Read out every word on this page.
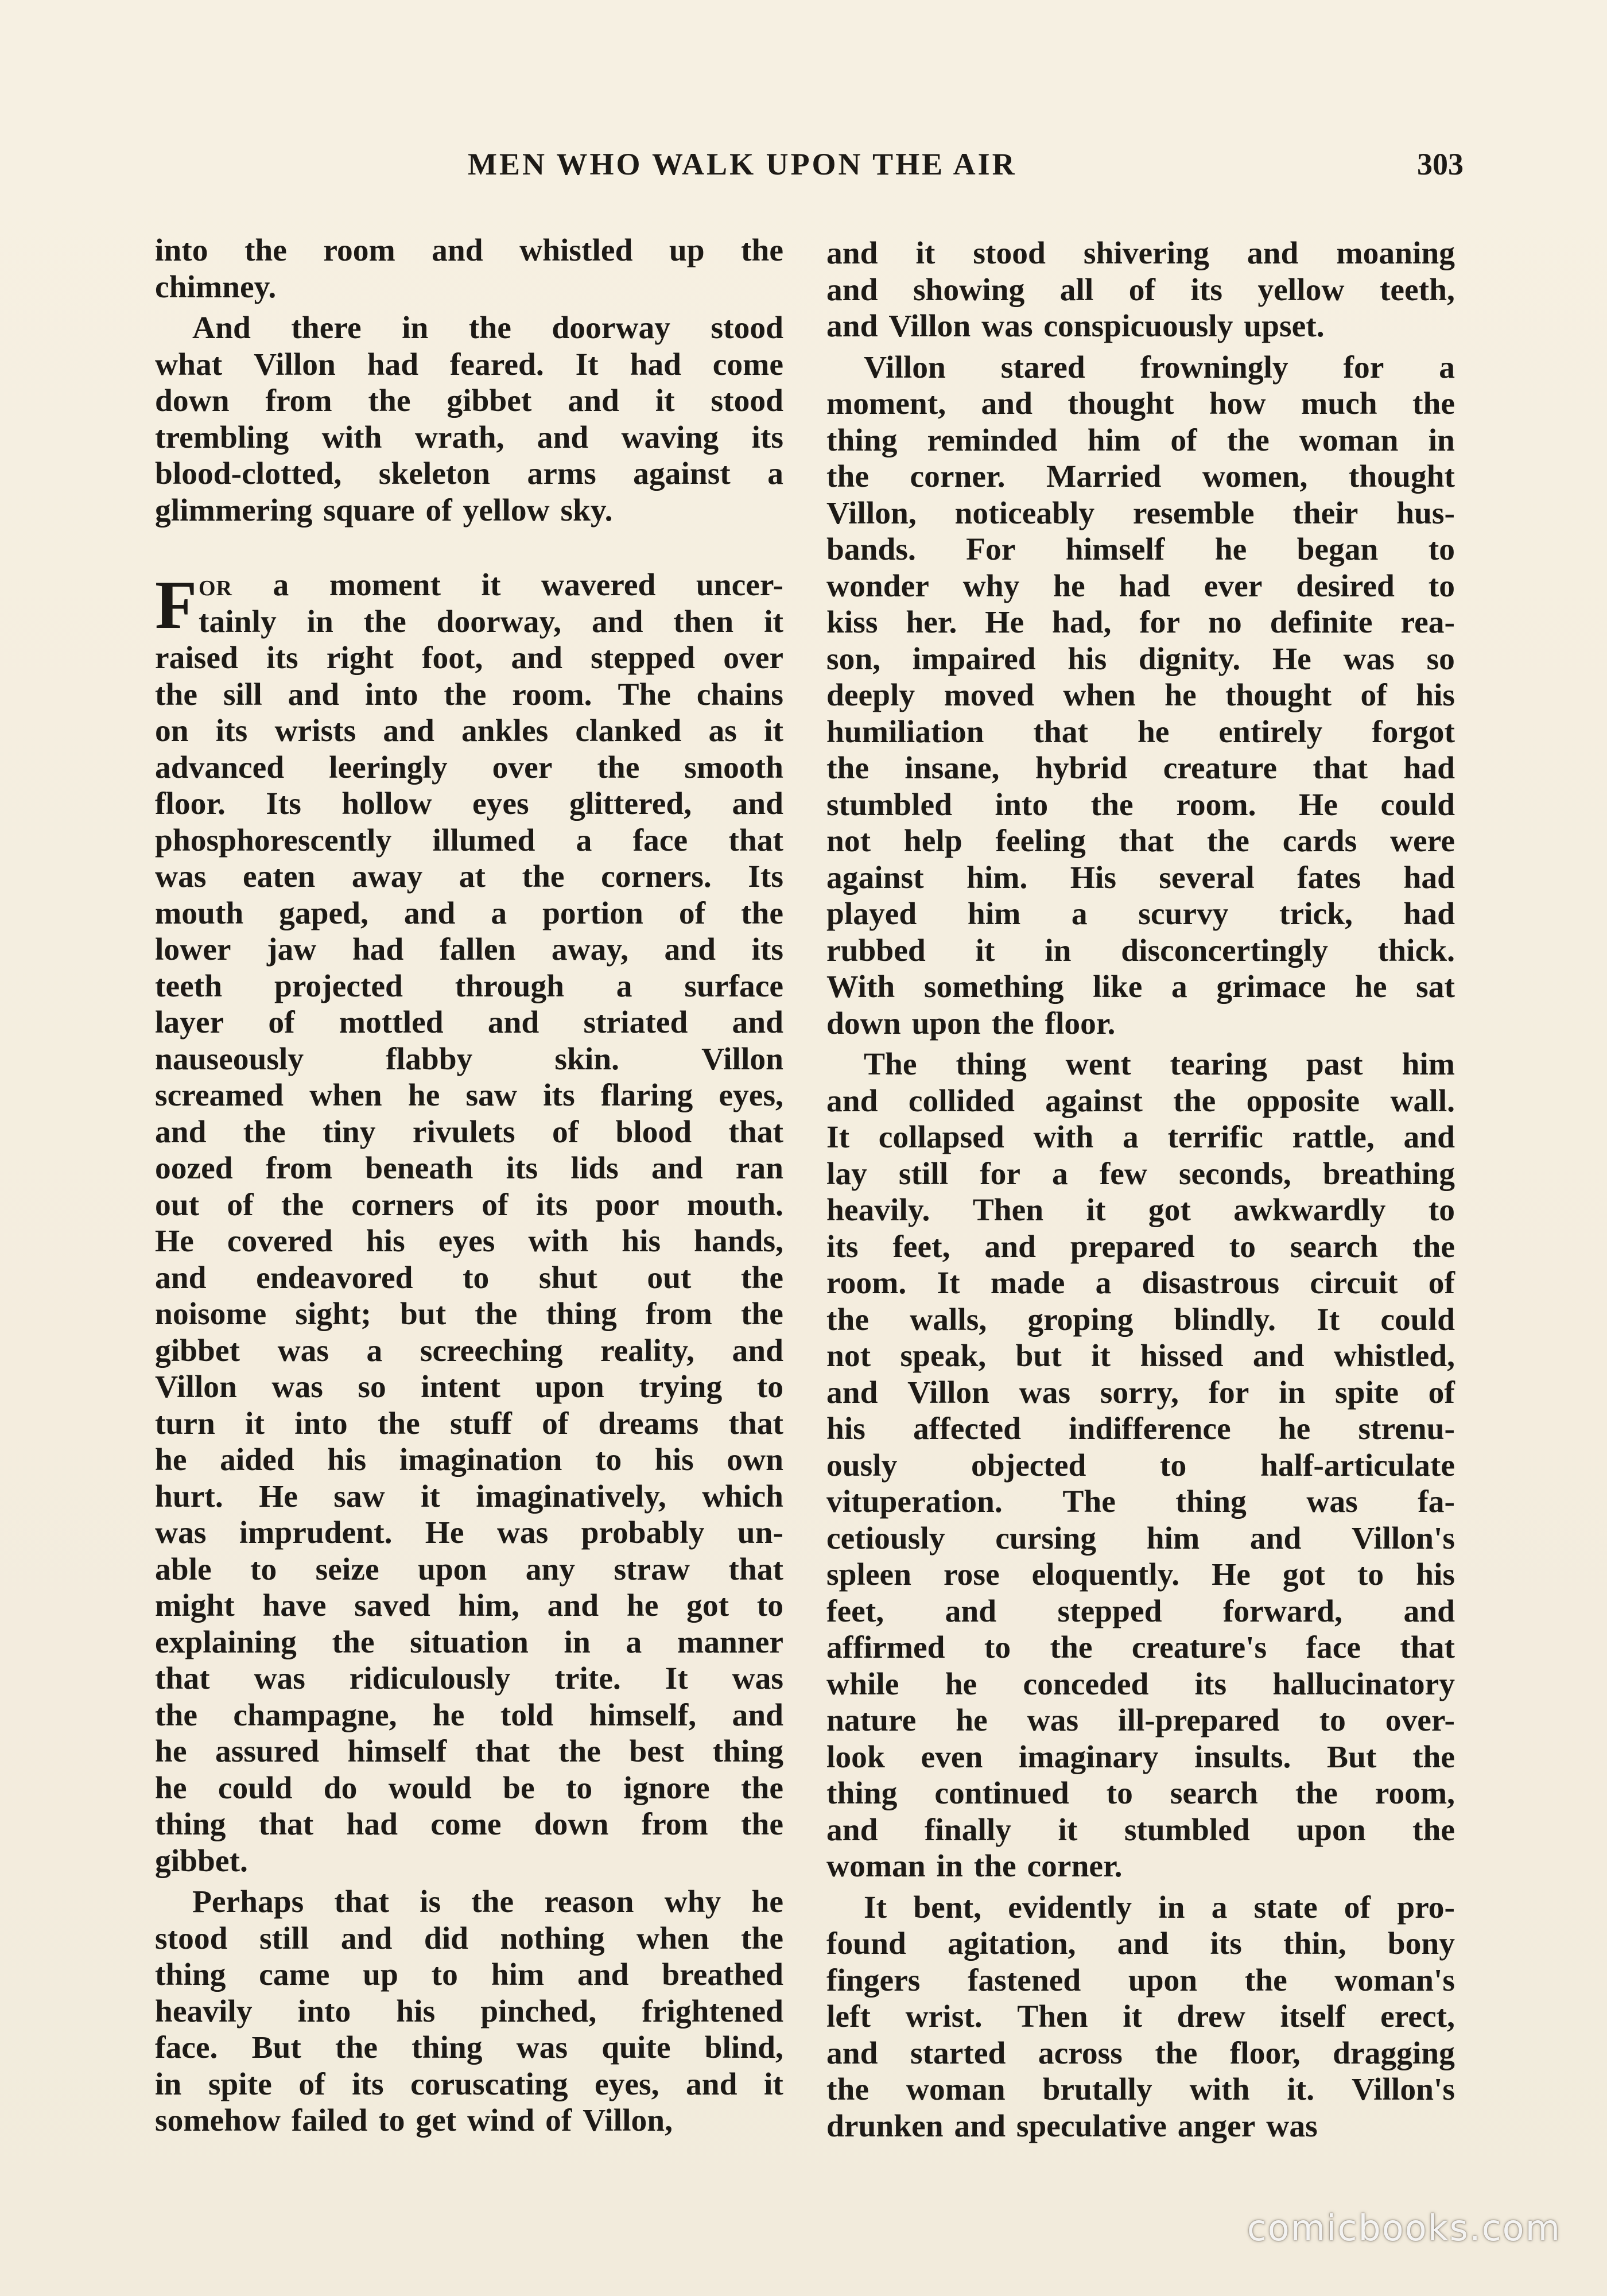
MEN WHO WALK UPON THE AIR	303
into the room and whistled up the
chimney.
And there in the doorway stood
what Villon had feared. It had come
down from the gibbet and it stood
trembling with wrath, and waving its
blood-clotted, skeleton arms against a
glimmering square of yellow sky.
F OR a moment it wavered uncer-
tainly in the doorway, and then it
raised its right foot, and stepped over
the sill and into the room. The chains
on its wrists and ankles clanked as it
advanced leeringly over the smooth
floor. Its hollow eyes glittered, and
phosphorescently illumed a face that
was eaten away at the corners. Its
mouth gaped, and a portion of the
lower jaw had fallen away, and its
teeth projected through a surface
layer of mottled and striated and
nauseously	flabby	skin.	Villon
screamed when he saw its flaring eyes,
and the tiny rivulets of blood that
oozed from beneath its lids and ran
out of the corners of its poor mouth.
He covered his eyes with his hands,
and endeavored to shut out the
noisome sight; but the thing from the
gibbet was a screeching reality, and
Villon was so intent upon trying to
turn it into the stuff of dreams that
he aided his imagination to his own
hurt. He saw it imaginatively, which
was imprudent. He was probably un-
able to seize upon any straw that
might have saved him, and he got to
explaining the situation in a manner
that was ridiculously trite. It was
the champagne, he told himself, and
he assured himself that the best thing
he could do would be to ignore the
thing that had come down from the
gibbet.
Perhaps that is the reason why he
stood still and did nothing when the
thing came up to him and breathed
heavily into his pinched, frightened
face. But the thing was quite blind,
in spite of its coruscating eyes, and it
somehow failed to get wind of Villon,
and it stood shivering and moaning
and showing all of its yellow teeth,
and Villon was conspicuously upset.
Villon stared frowningly for a
moment, and thought how much the
thing reminded him of the woman in
the corner. Married women, thought
Villon, noticeably resemble their hus-
bands. For himself he began to
wonder why he had ever desired to
kiss her. He had, for no definite rea-
son, impaired his dignity. He was so
deeply moved when he thought of his
humiliation that he entirely forgot
the insane, hybrid creature that had
stumbled into the room. He could
not help feeling that the cards were
against him. His several fates had
played him a scurvy trick, had
rubbed it in disconcertingly thick.
With something like a grimace he sat
down upon the floor.
The thing went tearing past him
and collided against the opposite wall.
It collapsed with a terrific rattle, and
lay still for a few seconds, breathing
heavily. Then it got awkwardly to
its feet, and prepared to search the
room. It made a disastrous circuit of
the walls, groping blindly. It could
not speak, but it hissed and whistled,
and Villon was sorry, for in spite of
his affected indifference he strenu-
ously objected to half-articulate
vituperation. The thing was fa-
cetiously cursing him and Villon's
spleen rose eloquently. He got to his
feet, and stepped forward, and
affirmed to the creature's face that
while he conceded its hallucinatory
nature he was ill-prepared to over-
look even imaginary insults. But the
thing continued to search the room,
and finally it stumbled upon the
woman in the corner.
It bent, evidently in a state of pro-
found agitation, and its thin, bony
fingers fastened upon the woman's
left wrist. Then it drew itself erect,
and started across the floor, dragging
the woman brutally with it. Villon's
drunken and speculative anger was
comicbooks.com
